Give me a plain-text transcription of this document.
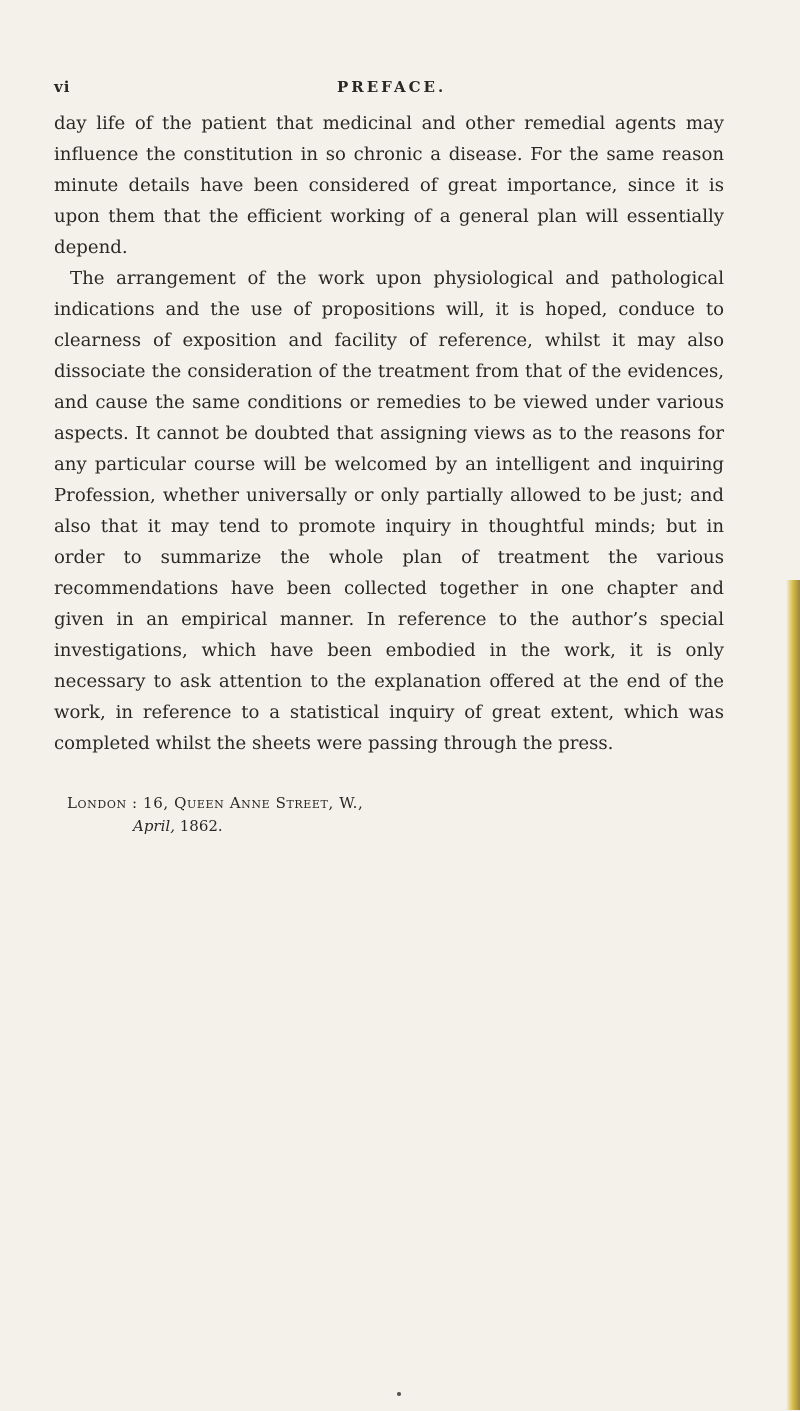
vi	PREFACE.

day life of the patient that medicinal and other remedial agents may influence the constitution in so chronic a disease. For the same reason minute details have been considered of great importance, since it is upon them that the efficient working of a general plan will essentially depend.

The arrangement of the work upon physiological and pathological indications and the use of propositions will, it is hoped, conduce to clearness of exposition and facility of reference, whilst it may also dissociate the consideration of the treatment from that of the evidences, and cause the same conditions or remedies to be viewed under various aspects. It cannot be doubted that assigning views as to the reasons for any particular course will be welcomed by an intelligent and inquiring Profession, whether universally or only partially allowed to be just; and also that it may tend to promote inquiry in thoughtful minds; but in order to summarize the whole plan of treatment the various recommendations have been collected together in one chapter and given in an empirical manner. In reference to the author’s special investigations, which have been embodied in the work, it is only necessary to ask attention to the explanation offered at the end of the work, in reference to a statistical inquiry of great extent, which was completed whilst the sheets were passing through the press.

London : 16, Queen Anne Street, W.,
April, 1862.
